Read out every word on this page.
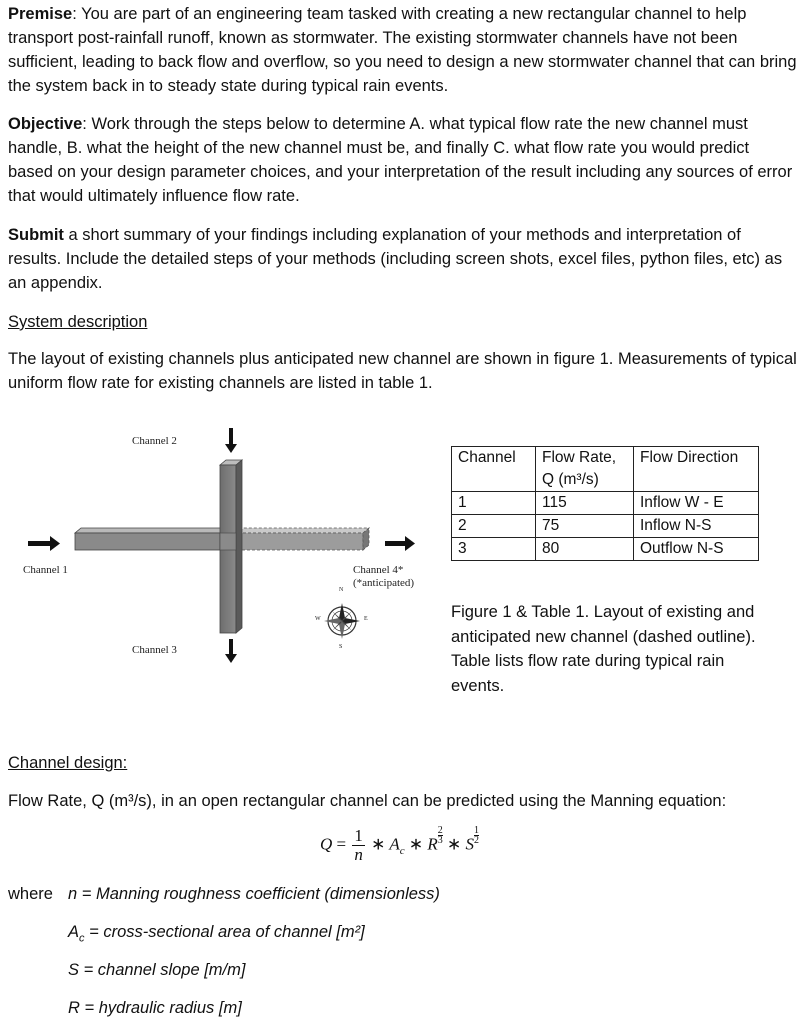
Premise: You are part of an engineering team tasked with creating a new rectangular channel to help transport post-rainfall runoff, known as stormwater. The existing stormwater channels have not been sufficient, leading to back flow and overflow, so you need to design a new stormwater channel that can bring the system back in to steady state during typical rain events.

Objective: Work through the steps below to determine A. what typical flow rate the new channel must handle, B. what the height of the new channel must be, and finally C. what flow rate you would predict based on your design parameter choices, and your interpretation of the result including any sources of error that would ultimately influence flow rate.

Submit a short summary of your findings including explanation of your methods and interpretation of results. Include the detailed steps of your methods (including screen shots, excel files, python files, etc) as an appendix.

System description

The layout of existing channels plus anticipated new channel are shown in figure 1. Measurements of typical uniform flow rate for existing channels are listed in table 1.

Channel 2
Channel 1
Channel 3
Channel 4*
(*anticipated)
N
S
E
W
Channel	Flow Rate, Q (m³/s)	Flow Direction
1	115	Inflow W - E
2	75	Inflow N-S
3	80	Outflow N-S
Figure 1 & Table 1. Layout of existing and anticipated new channel (dashed outline). Table lists flow rate during typical rain events.

Channel design:

Flow Rate, Q (m³/s), in an open rectangular channel can be predicted using the Manning equation:

$Q = \frac{1}{n}$ ∗ $A_c$ ∗ R $\frac{2}{3}$ ∗ S $\frac{1}{2}$
where n = Manning roughness coefficient (dimensionless)
$A_c$ = cross-sectional area of channel [m²]
S = channel slope [m/m]
R = hydraulic radius [m]
